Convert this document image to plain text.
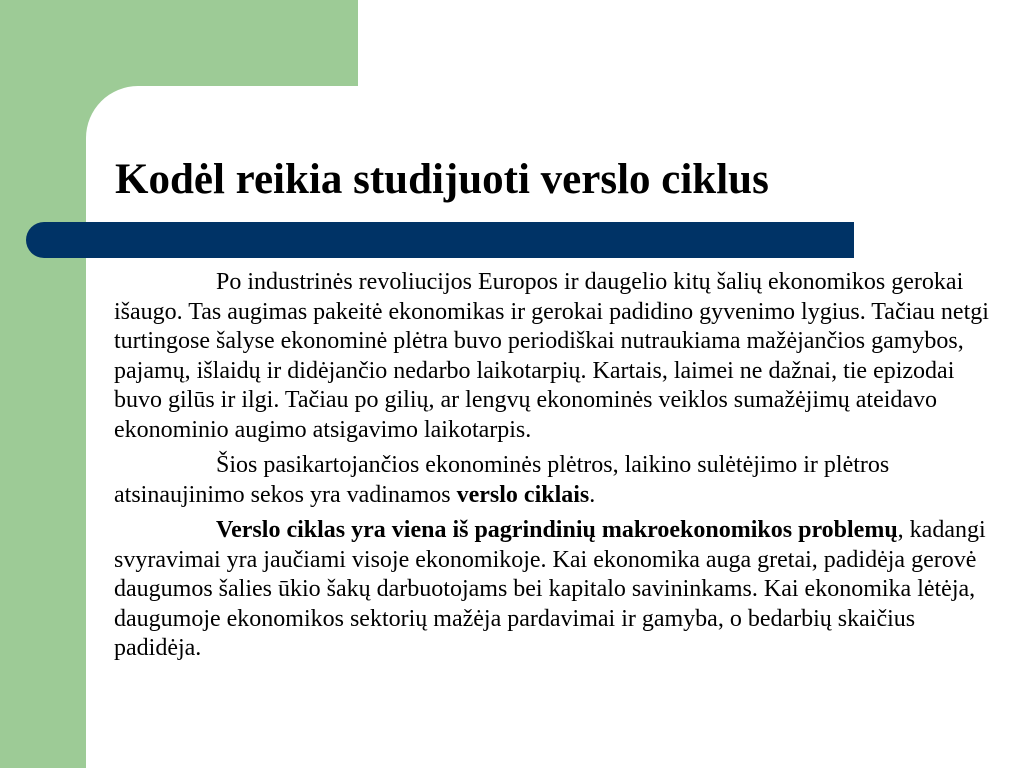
Kodėl reikia studijuoti verslo ciklus

Po industrinės revoliucijos Europos ir daugelio kitų šalių ekonomikos gerokai išaugo. Tas augimas pakeitė ekonomikas ir gerokai padidino gyvenimo lygius. Tačiau netgi turtingose šalyse ekonominė plėtra buvo periodiškai nutraukiama mažėjančios gamybos, pajamų, išlaidų ir didėjančio nedarbo laikotarpių. Kartais, laimei ne dažnai, tie epizodai buvo gilūs ir ilgi. Tačiau po gilių, ar lengvų ekonominės veiklos sumažėjimų ateidavo ekonominio augimo atsigavimo laikotarpis.

Šios pasikartojančios ekonominės plėtros, laikino sulėtėjimo ir plėtros atsinaujinimo sekos yra vadinamos verslo ciklais.

Verslo ciklas yra viena iš pagrindinių makroekonomikos problemų, kadangi svyravimai yra jaučiami visoje ekonomikoje. Kai ekonomika auga gretai, padidėja gerovė daugumos šalies ūkio šakų darbuotojams bei kapitalo savininkams. Kai ekonomika lėtėja, daugumoje ekonomikos sektorių mažėja pardavimai ir gamyba, o bedarbių skaičius padidėja.
